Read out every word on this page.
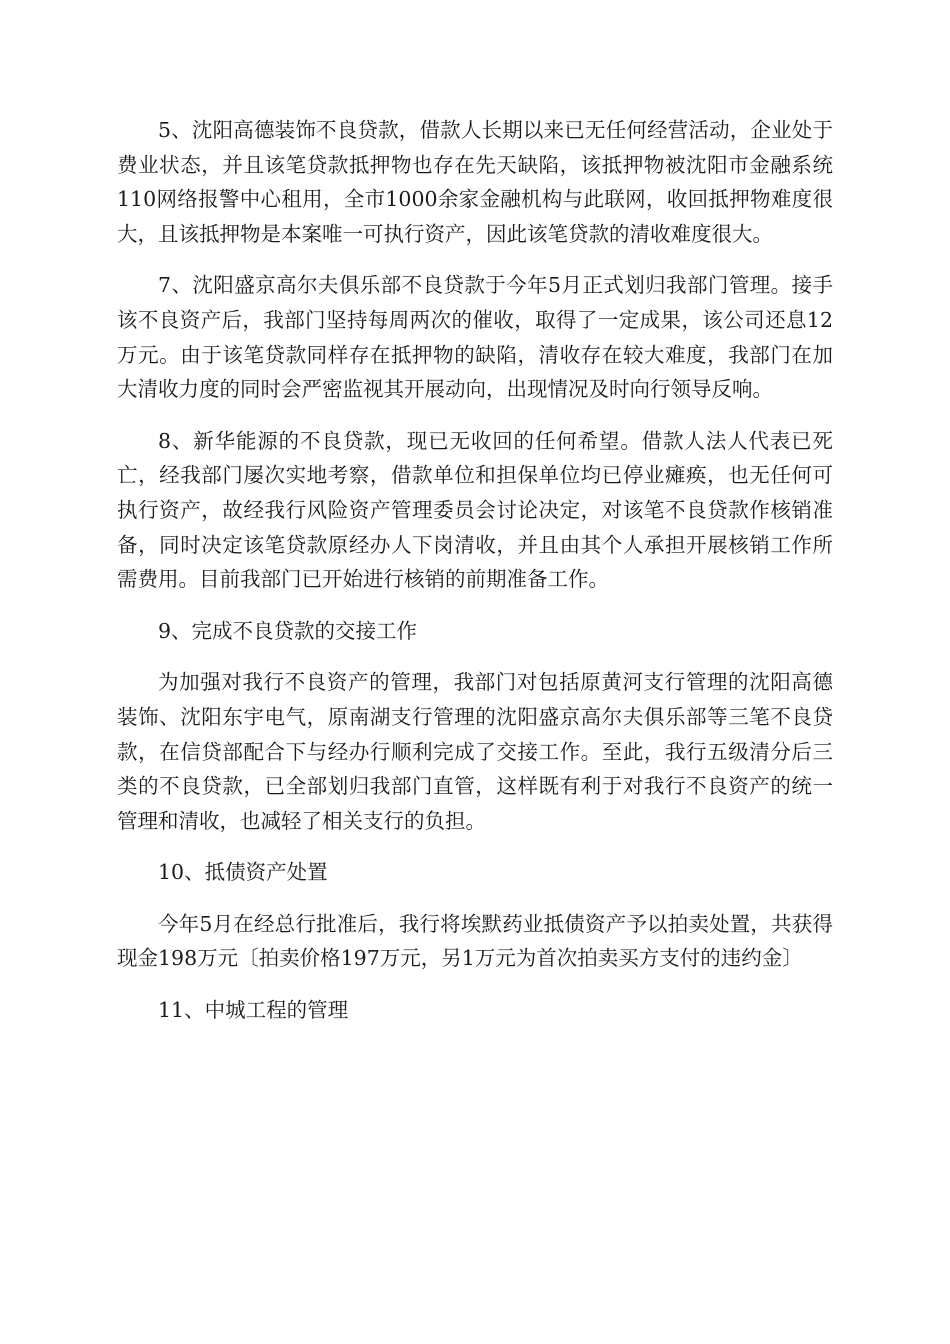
5、沈阳高德装饰不良贷款，借款人长期以来已无任何经营活动，企业处于费业状态，并且该笔贷款抵押物也存在先天缺陷，该抵押物被沈阳市金融系统110网络报警中心租用，全市1000余家金融机构与此联网，收回抵押物难度很大，且该抵押物是本案唯一可执行资产，因此该笔贷款的清收难度很大。

7、沈阳盛京高尔夫俱乐部不良贷款于今年5月正式划归我部门管理。接手该不良资产后，我部门坚持每周两次的催收，取得了一定成果，该公司还息12万元。由于该笔贷款同样存在抵押物的缺陷，清收存在较大难度，我部门在加大清收力度的同时会严密监视其开展动向，出现情况及时向行领导反响。

8、新华能源的不良贷款，现已无收回的任何希望。借款人法人代表已死亡，经我部门屡次实地考察，借款单位和担保单位均已停业瘫痪，也无任何可执行资产，故经我行风险资产管理委员会讨论决定，对该笔不良贷款作核销准备，同时决定该笔贷款原经办人下岗清收，并且由其个人承担开展核销工作所需费用。目前我部门已开始进行核销的前期准备工作。

9、完成不良贷款的交接工作

为加强对我行不良资产的管理，我部门对包括原黄河支行管理的沈阳高德装饰、沈阳东宇电气，原南湖支行管理的沈阳盛京高尔夫俱乐部等三笔不良贷款，在信贷部配合下与经办行顺利完成了交接工作。至此，我行五级清分后三类的不良贷款，已全部划归我部门直管，这样既有利于对我行不良资产的统一管理和清收，也减轻了相关支行的负担。

10、抵债资产处置

今年5月在经总行批准后，我行将埃默药业抵债资产予以拍卖处置，共获得现金198万元〔拍卖价格197万元，另1万元为首次拍卖买方支付的违约金〕

11、中城工程的管理
